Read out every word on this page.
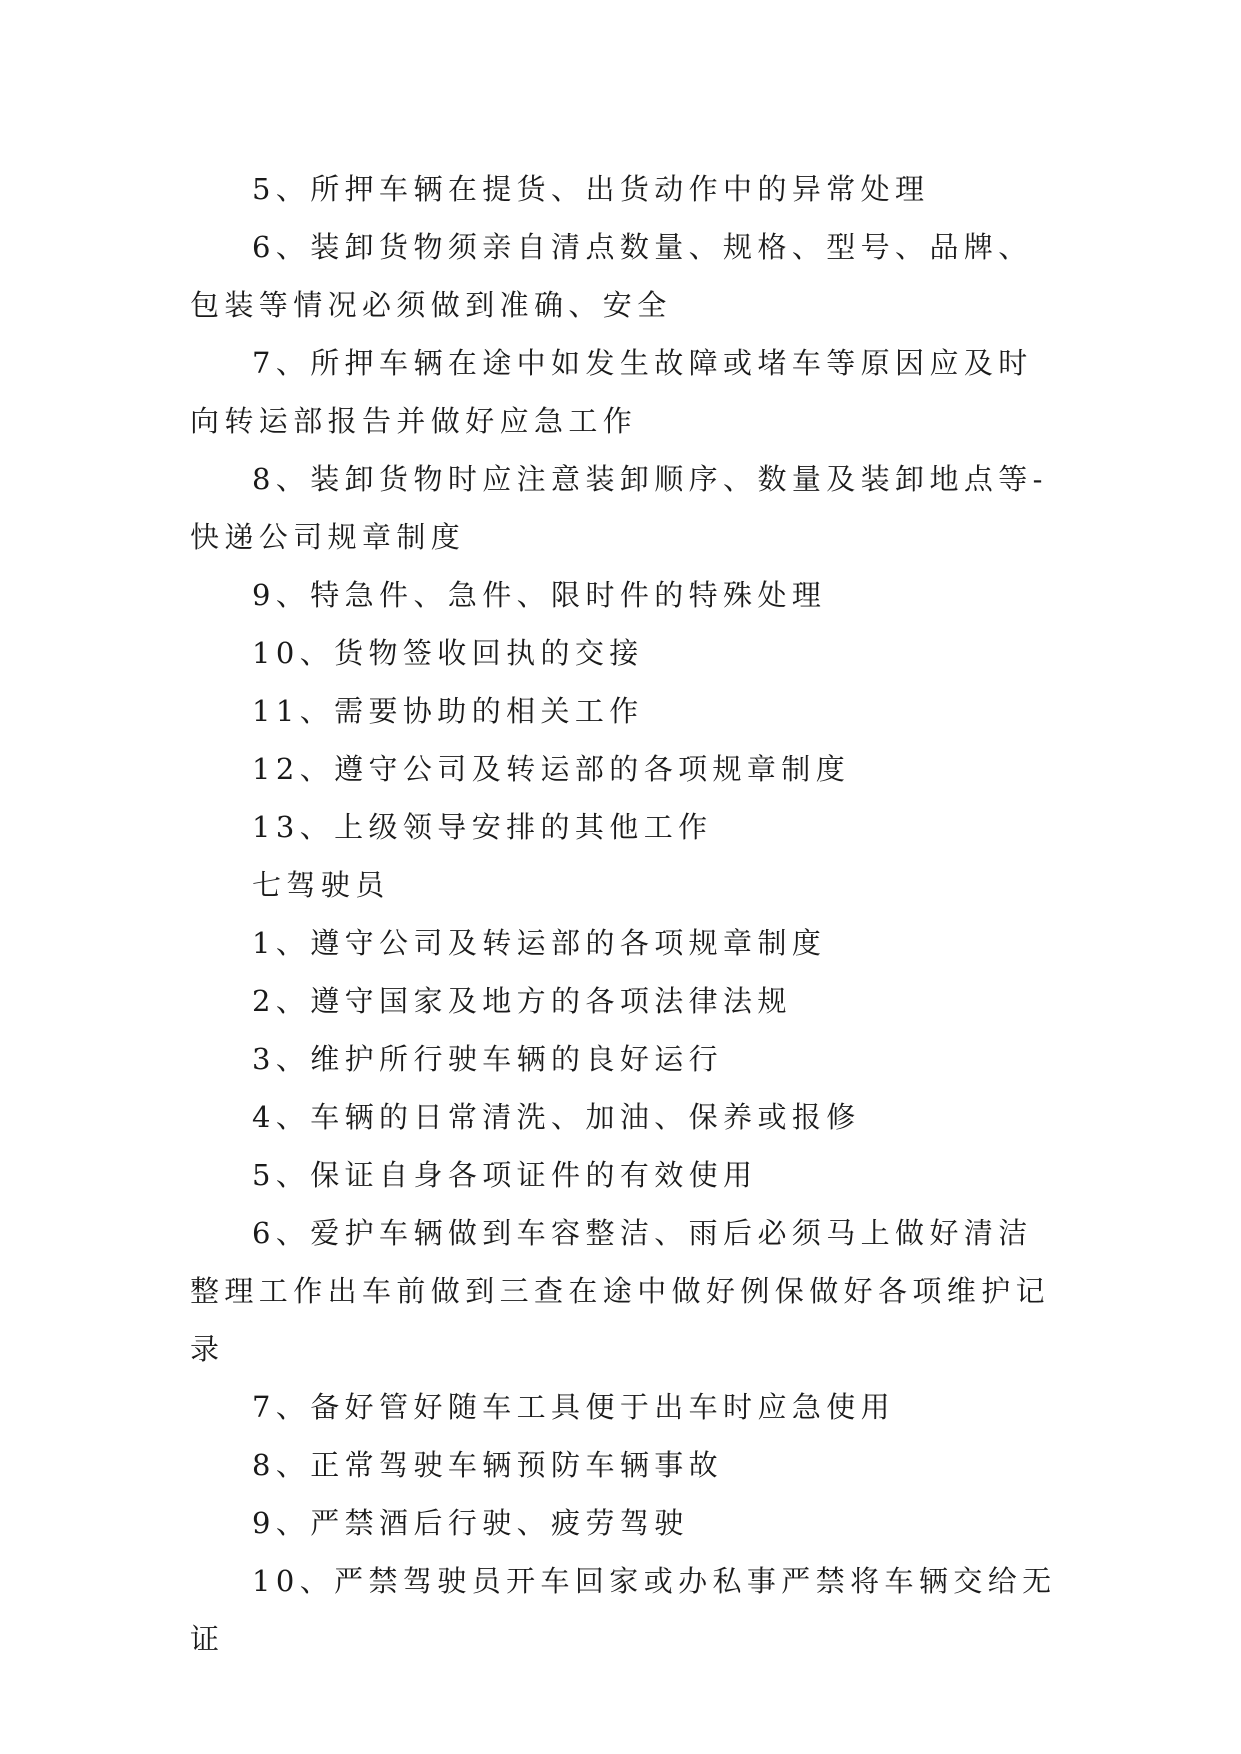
5、所押车辆在提货、出货动作中的异常处理

6、装卸货物须亲自清点数量、规格、型号、品牌、包装等情况必须做到准确、安全

7、所押车辆在途中如发生故障或堵车等原因应及时向转运部报告并做好应急工作

8、装卸货物时应注意装卸顺序、数量及装卸地点等-快递公司规章制度

9、特急件、急件、限时件的特殊处理

10、货物签收回执的交接

11、需要协助的相关工作

12、遵守公司及转运部的各项规章制度

13、上级领导安排的其他工作

七驾驶员

1、遵守公司及转运部的各项规章制度

2、遵守国家及地方的各项法律法规

3、维护所行驶车辆的良好运行

4、车辆的日常清洗、加油、保养或报修

5、保证自身各项证件的有效使用

6、爱护车辆做到车容整洁、雨后必须马上做好清洁整理工作出车前做到三查在途中做好例保做好各项维护记录

7、备好管好随车工具便于出车时应急使用

8、正常驾驶车辆预防车辆事故

9、严禁酒后行驶、疲劳驾驶

10、严禁驾驶员开车回家或办私事严禁将车辆交给无证
